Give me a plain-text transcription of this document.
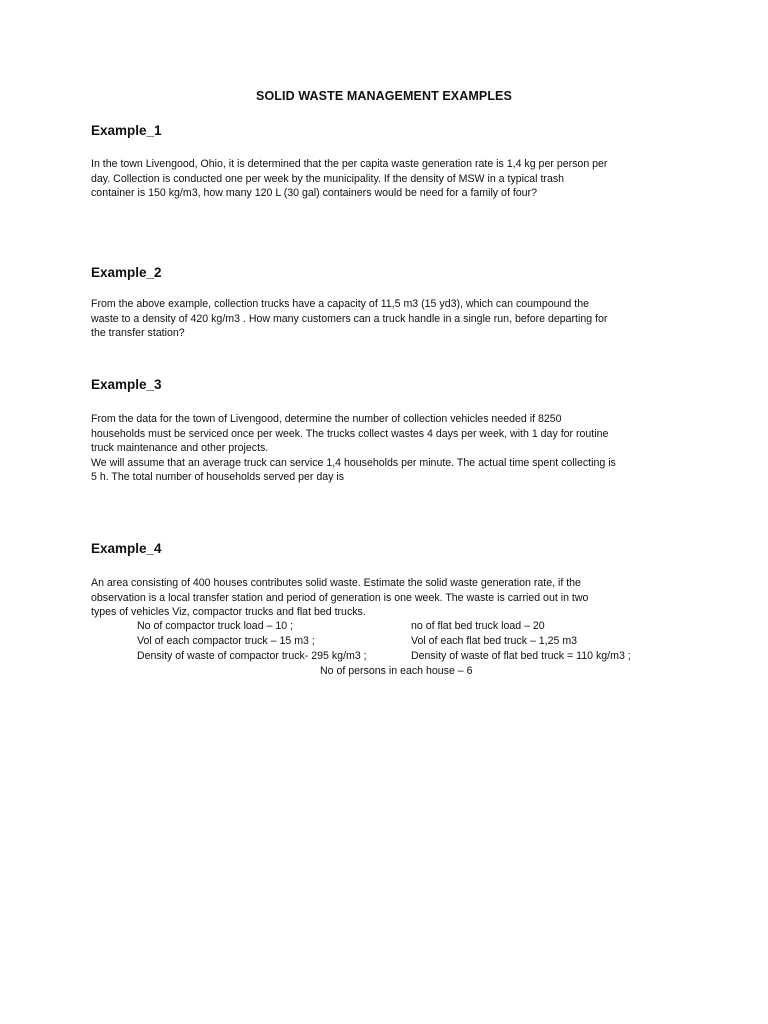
SOLID WASTE MANAGEMENT EXAMPLES
Example_1

In the town Livengood, Ohio, it is determined that the per capita waste generation rate is 1,4 kg per person per

day. Collection is conducted one per week by the municipality. If the density of MSW in a typical trash

container is 150 kg/m3, how many 120 L (30 gal) containers would be need for a family of four?

Example_2

From the above example, collection trucks have a capacity of 11,5 m3 (15 yd3), which can coumpound the

waste to a density of 420 kg/m3 . How many customers can a truck handle in a single run, before departing for

the transfer station?

Example_3

From the data for the town of Livengood, determine the number of collection vehicles needed if 8250

households must be serviced once per week. The trucks collect wastes 4 days per week, with 1 day for routine

truck maintenance and other projects.

We will assume that an average truck can service 1,4 households per minute. The actual time spent collecting is

5 h. The total number of households served per day is

Example_4

An area consisting of 400 houses contributes solid waste. Estimate the solid waste generation rate, if the

observation is a local transfer station and period of generation is one week. The waste is carried out in two

types of vehicles Viz, compactor trucks and flat bed trucks.

No of compactor truck load – 10 ;	no of flat bed truck load – 20
Vol of each compactor truck – 15 m3 ;	Vol of each flat bed truck – 1,25 m3
Density of waste of compactor truck- 295 kg/m3 ;	Density of waste of flat bed truck = 110 kg/m3 ;
No of persons in each house – 6
